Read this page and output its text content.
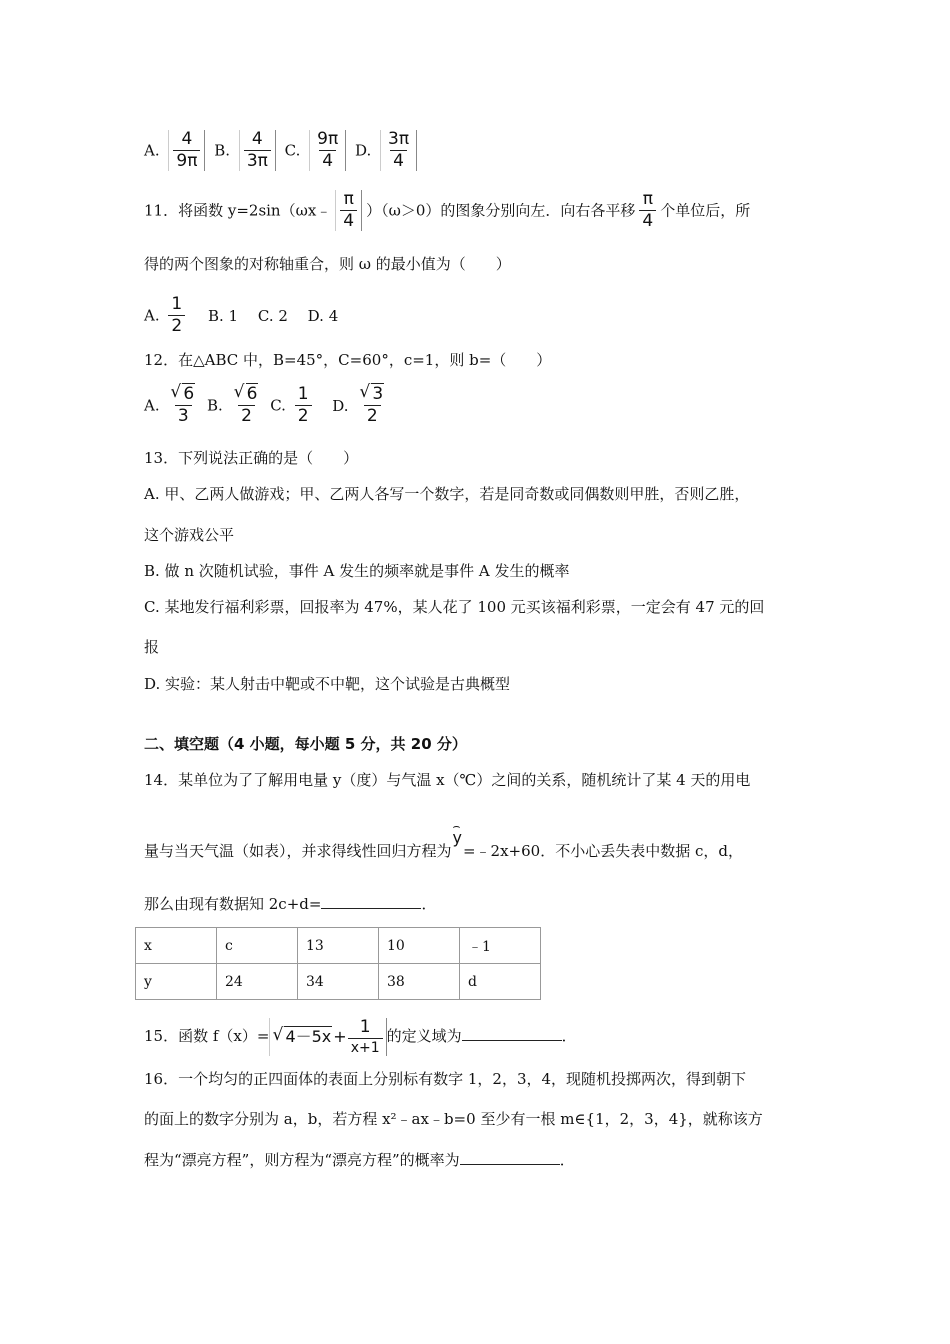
A. $\frac{4}{9\pi} B$. $\frac{4}{3\pi} C$. $\frac{9\pi}{4} D$. $\frac{3\pi}{4}$
11．将函数 y=2sin（ωx﹣ $\frac{\pi}{4} )(\omega>0)$的图象分别向左．向右各平移 $\frac{\pi}{4}$ 个单位后，所
得的两个图象的对称轴重合，则 ω 的最小值为（　　）
A. $\frac{1}{2} B$. 1　 C. 2　 D. 4
12．在△ABC 中，B=45°，C=60°，c=1，则 b=（　　）
A. √ $\frac{6}{3} B$. √ $\frac{6}{2} C$. $\frac{1}{2} D$. √ $\frac{3}{2}$
13．下列说法正确的是（　　）
A. 甲、乙两人做游戏；甲、乙两人各写一个数字，若是同奇数或同偶数则甲胜，否则乙胜，
这个游戏公平
B. 做 n 次随机试验，事件 A 发生的频率就是事件 A 发生的概率
C. 某地发行福利彩票，回报率为 47%，某人花了 100 元买该福利彩票，一定会有 47 元的回
报
D. 实验：某人射击中靶或不中靶，这个试验是古典概型
二、填空题（4 小题，每小题 5 分，共 20 分）
14．某单位为了了解用电量 y（度）与气温 x（℃）之间的关系，随机统计了某 4 天的用电
量与当天气温（如表），并求得线性回归方程为⌢ y=﹣2x+60．不小心丢失表中数据 c，d，
那么由现有数据知 2c+d=	．
x	c	13	10	﹣1
y	24	34	38	d
15．函数 f（x）=	√ $4-5x + \frac{1}{x+1}$ 的定义域为	．
16．一个均匀的正四面体的表面上分别标有数字 1，2，3，4，现随机投掷两次，得到朝下
的面上的数字分别为 a，b，若方程 x²﹣ax﹣b=0 至少有一根 m∈{1，2，3，4}，就称该方
程为“漂亮方程”，则方程为“漂亮方程”的概率为	．
